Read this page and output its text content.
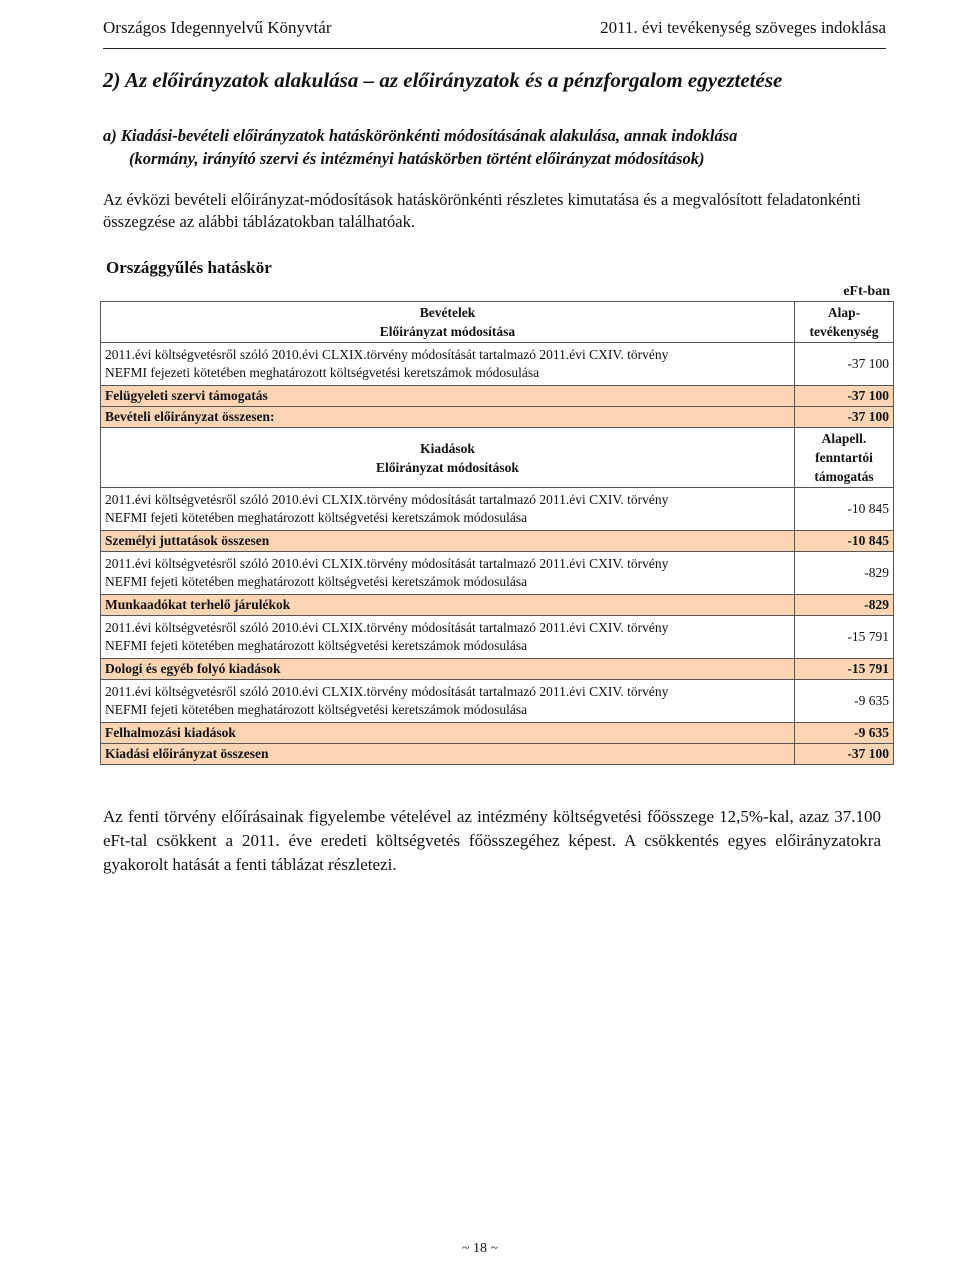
Országos Idegennyelvű Könyvtár	2011. évi tevékenység szöveges indoklása
2) Az előirányzatok alakulása – az előirányzatok és a pénzforgalom egyeztetése
a) Kiadási-bevételi előirányzatok hatáskörönkénti módosításának alakulása, annak indoklása
(kormány, irányító szervi és intézményi hatáskörben történt előirányzat módosítások)
Az évközi bevételi előirányzat-módosítások hatáskörönkénti részletes kimutatása és a megvalósított feladatonkénti összegzése az alábbi táblázatokban találhatóak.
Országgyűlés hatáskör
eFt-ban
Bevételek
Előirányzat módosítása	Alap-
tevékenység
2011.évi költségvetésről szóló 2010.évi CLXIX.törvény módosítását tartalmazó 2011.évi CXIV. törvény
NEFMI fejezeti kötetében meghatározott költségvetési keretszámok módosulása	-37 100
Felügyeleti szervi támogatás	-37 100
Bevételi előirányzat összesen:	-37 100
Kiadások
Előirányzat módosítások	Alapell.
fenntartói
támogatás
2011.évi költségvetésről szóló 2010.évi CLXIX.törvény módosítását tartalmazó 2011.évi CXIV. törvény
NEFMI fejeti kötetében meghatározott költségvetési keretszámok módosulása	-10 845
Személyi juttatások összesen	-10 845
2011.évi költségvetésről szóló 2010.évi CLXIX.törvény módosítását tartalmazó 2011.évi CXIV. törvény
NEFMI fejeti kötetében meghatározott költségvetési keretszámok módosulása	-829
Munkaadókat terhelő járulékok	-829
2011.évi költségvetésről szóló 2010.évi CLXIX.törvény módosítását tartalmazó 2011.évi CXIV. törvény
NEFMI fejeti kötetében meghatározott költségvetési keretszámok módosulása	-15 791
Dologi és egyéb folyó kiadások	-15 791
2011.évi költségvetésről szóló 2010.évi CLXIX.törvény módosítását tartalmazó 2011.évi CXIV. törvény
NEFMI fejeti kötetében meghatározott költségvetési keretszámok módosulása	-9 635
Felhalmozási kiadások	-9 635
Kiadási előirányzat összesen	-37 100
Az fenti törvény előírásainak figyelembe vételével az intézmény költségvetési főösszege 12,5%-kal, azaz 37.100 eFt-tal csökkent a 2011. éve eredeti költségvetés főösszegéhez képest. A csökkentés egyes előirányzatokra gyakorolt hatását a fenti táblázat részletezi.
~ 18 ~
